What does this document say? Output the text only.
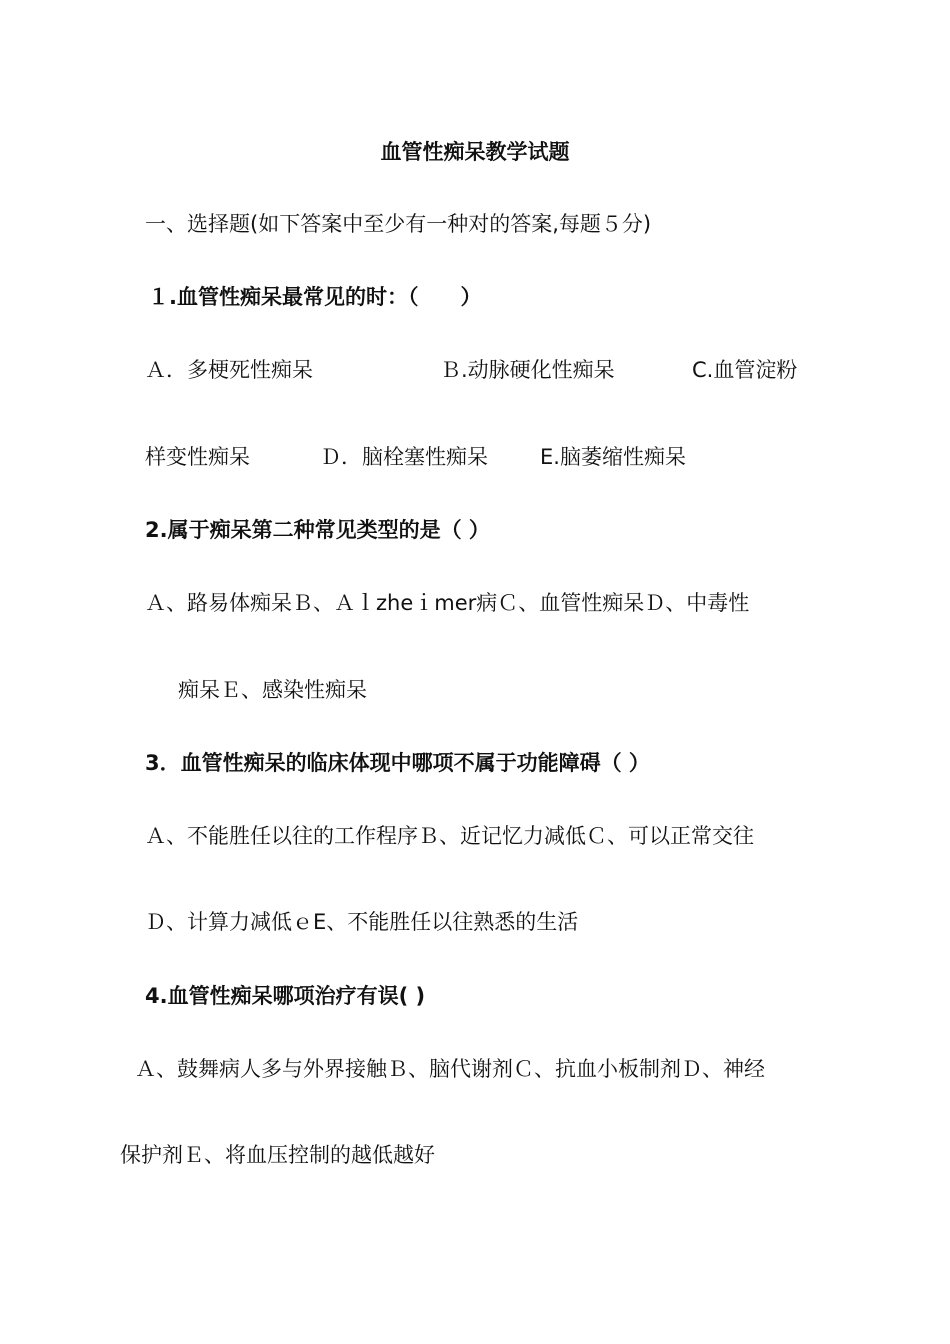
血管性痴呆教学试题
一、选择题(如下答案中至少有一种对的答案,每题５分)
１.血管性痴呆最常见的时：（　　）
Ａ．多梗死性痴呆	Ｂ.动脉硬化性痴呆	C.血管淀粉
样变性痴呆	Ｄ．脑栓塞性痴呆 E.脑萎缩性痴呆
2.属于痴呆第二种常见类型的是（ ）
Ａ、路易体痴呆Ｂ、Ａｌzheｉmer病Ｃ、血管性痴呆Ｄ、中毒性
痴呆Ｅ、感染性痴呆
3．血管性痴呆的临床体现中哪项不属于功能障碍（ ）
Ａ、不能胜任以往的工作程序Ｂ、近记忆力减低Ｃ、可以正常交往
Ｄ、计算力减低ｅE、不能胜任以往熟悉的生活
4.血管性痴呆哪项治疗有误( )
Ａ、鼓舞病人多与外界接触Ｂ、脑代谢剂Ｃ、抗血小板制剂Ｄ、神经
保护剂Ｅ、将血压控制的越低越好
